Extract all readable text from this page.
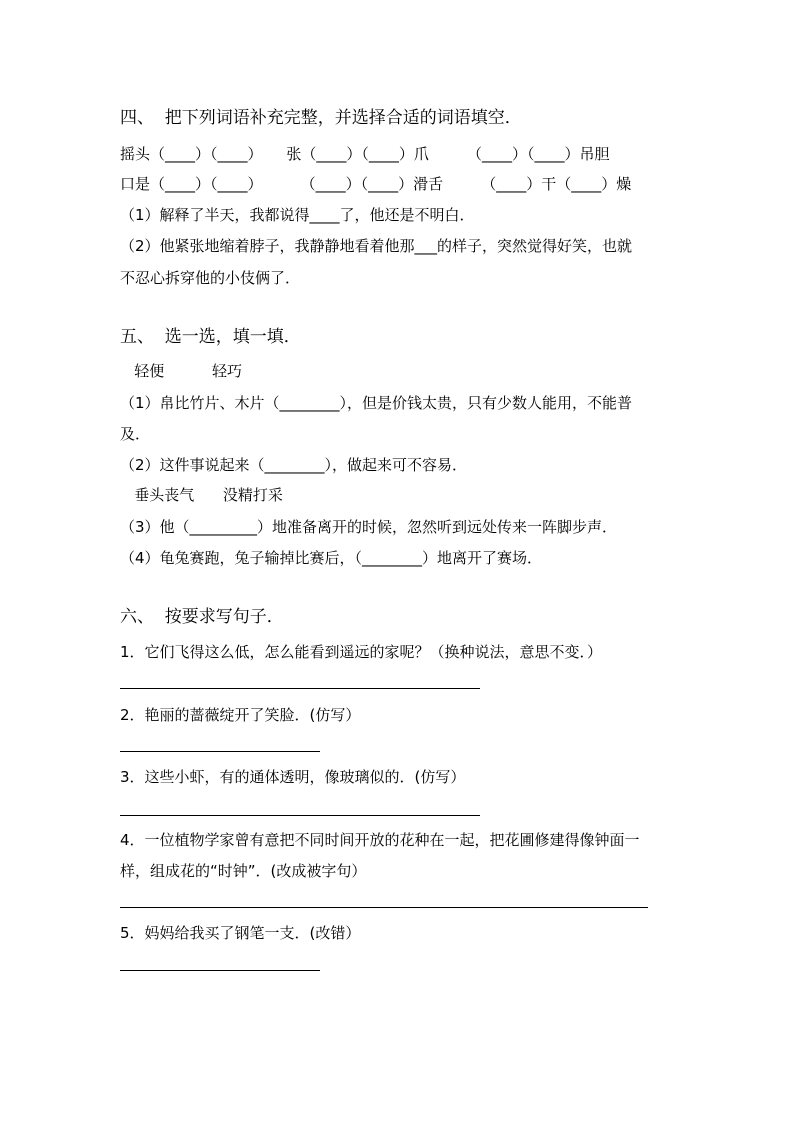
四、  把下列词语补充完整，并选择合适的词语填空．
摇头（____）（____）     张（____）（____）爪        （____）（____）吊胆
口是（____）（____）        （____）（____）滑舌        （____）干（____）燥
（1）解释了半天，我都说得____了，他还是不明白．
（2）他紧张地缩着脖子，我静静地看着他那___的样子，突然觉得好笑，也就
不忍心拆穿他的小伎俩了．
五、  选一选，填一填．
轻便          轻巧
（1）帛比竹片、木片（________），但是价钱太贵，只有少数人能用，不能普
及．
（2）这件事说起来（________），做起来可不容易．
垂头丧气      没精打采
（3）他（_________）地准备离开的时候，忽然听到远处传来一阵脚步声．
（4）龟兔赛跑，兔子输掉比赛后，（________）地离开了赛场．
六、  按要求写句子．
1．它们飞得这么低，怎么能看到遥远的家呢？（换种说法，意思不变．）
2．艳丽的蔷薇绽开了笑脸．(仿写）
3．这些小虾，有的通体透明，像玻璃似的．(仿写）
4．一位植物学家曾有意把不同时间开放的花种在一起，把花圃修建得像钟面一
样，组成花的“时钟”．(改成被字句）
5．妈妈给我买了钢笔一支．(改错）
